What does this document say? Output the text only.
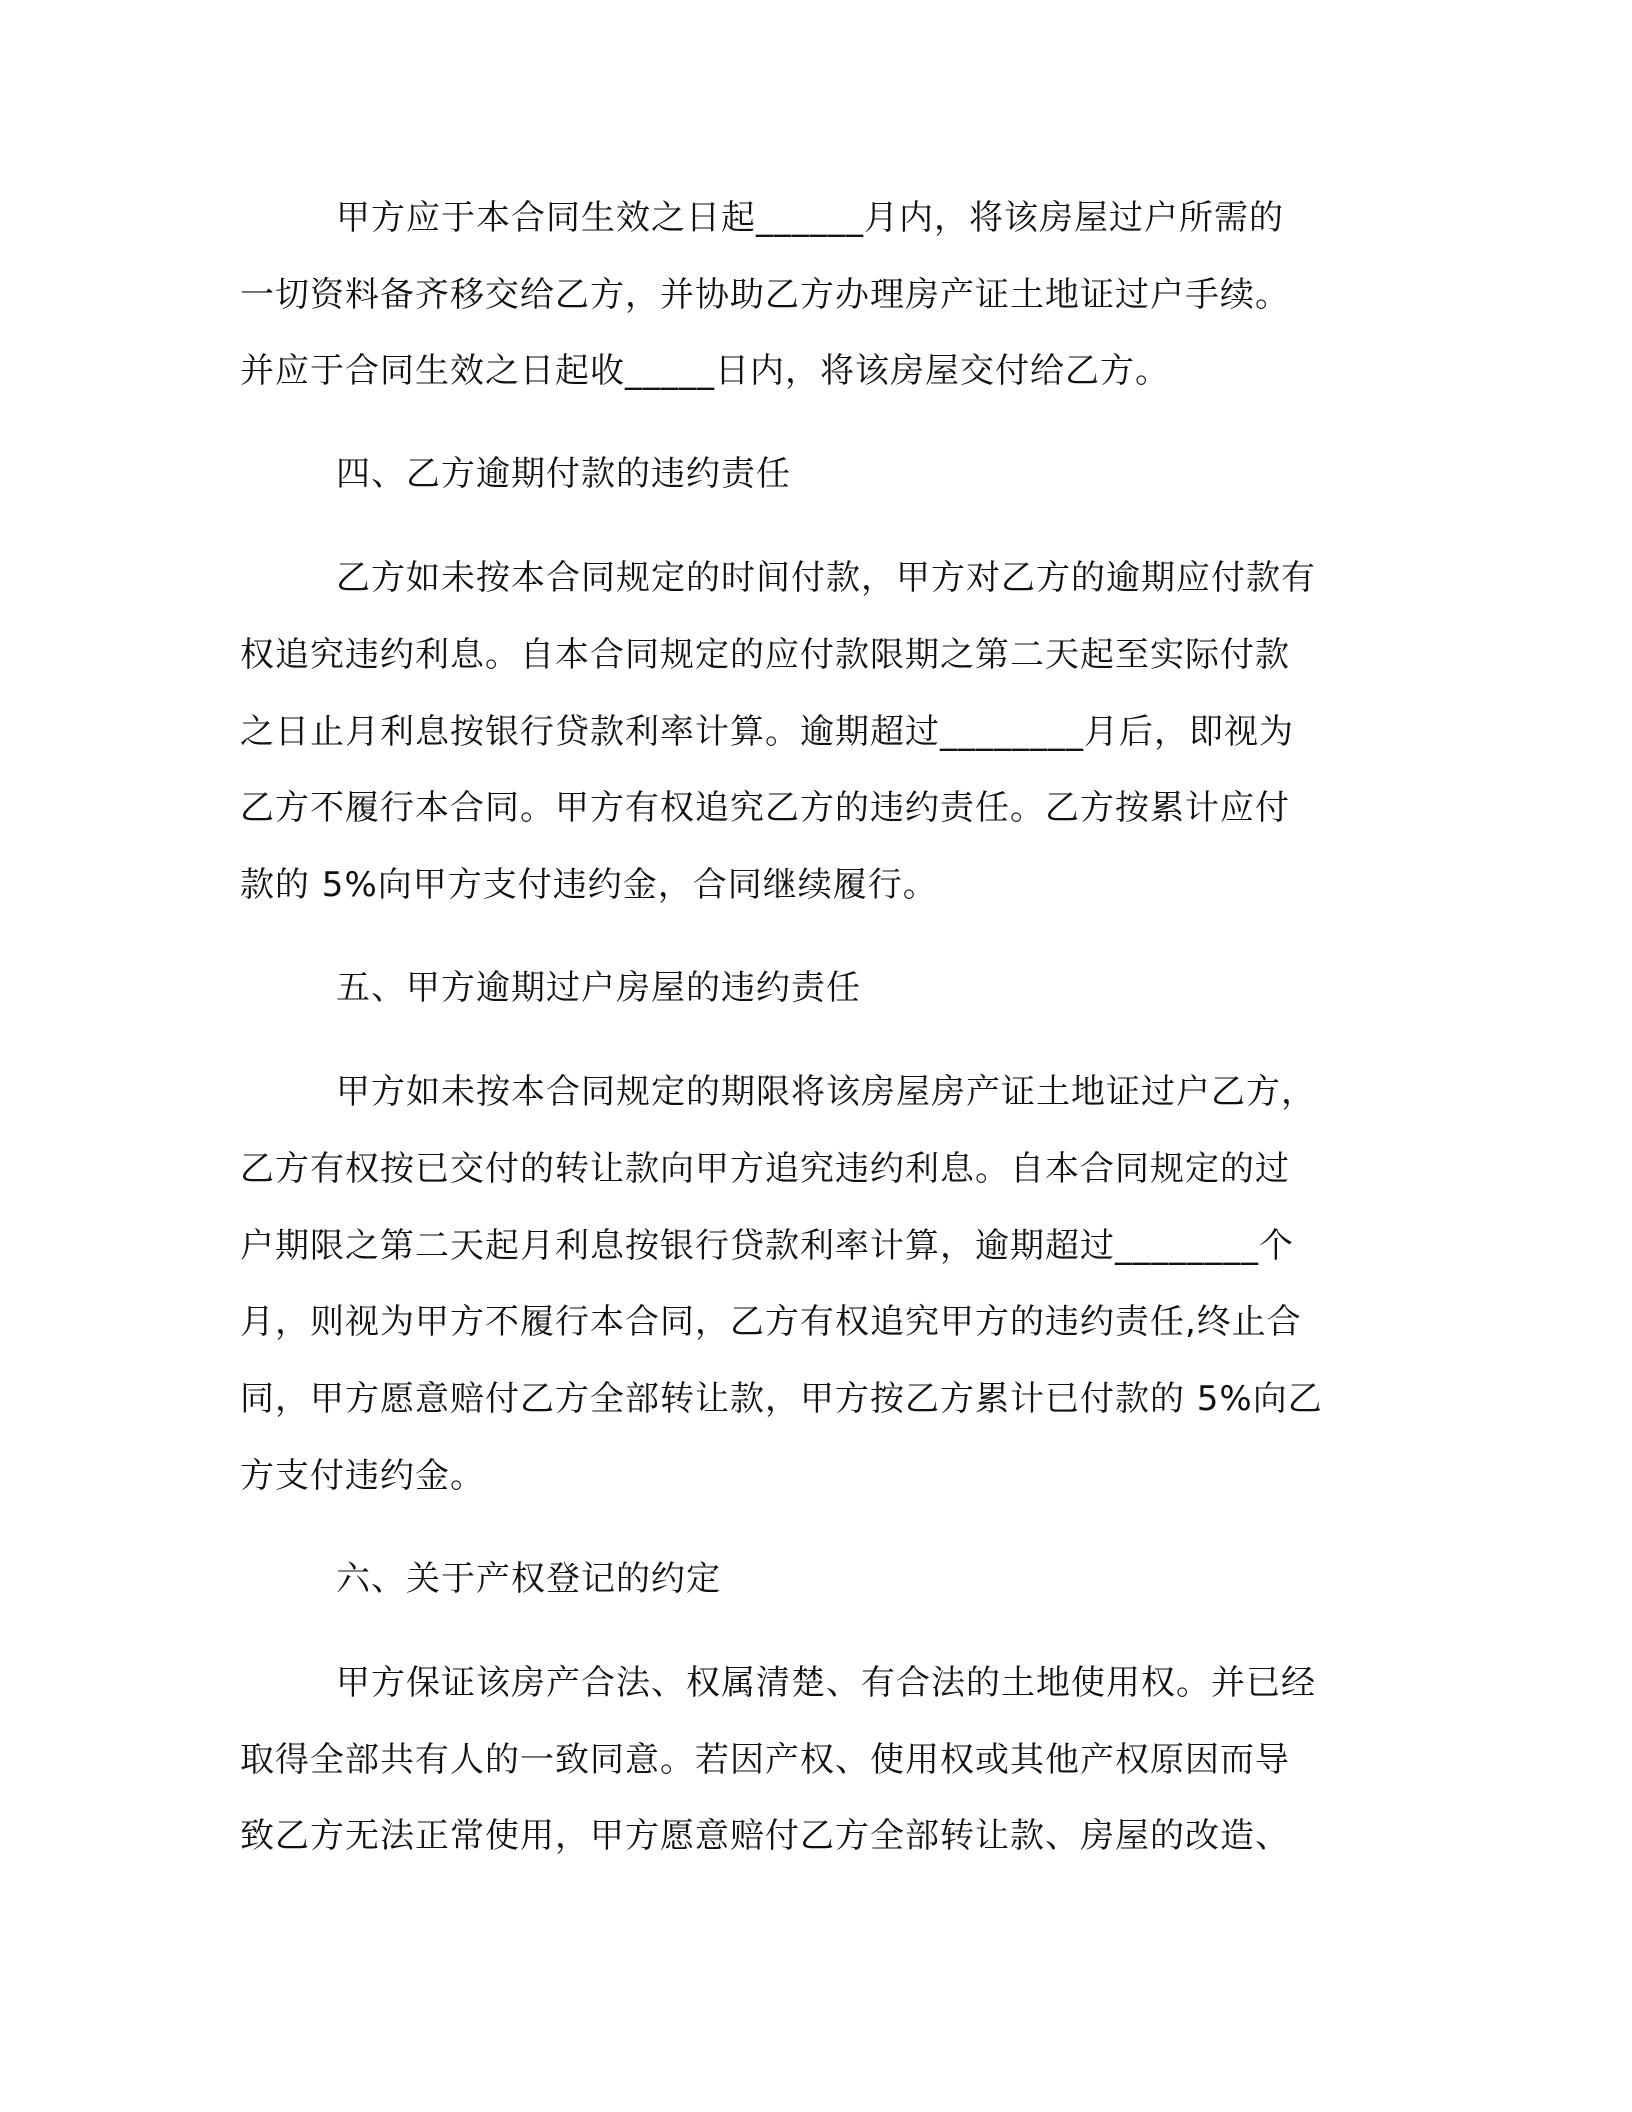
甲方应于本合同生效之日起______月内，将该房屋过户所需的

一切资料备齐移交给乙方，并协助乙方办理房产证土地证过户手续。

并应于合同生效之日起收_____日内，将该房屋交付给乙方。

四、乙方逾期付款的违约责任

乙方如未按本合同规定的时间付款，甲方对乙方的逾期应付款有

权追究违约利息。自本合同规定的应付款限期之第二天起至实际付款

之日止月利息按银行贷款利率计算。逾期超过________月后，即视为

乙方不履行本合同。甲方有权追究乙方的违约责任。乙方按累计应付

款的 5%向甲方支付违约金，合同继续履行。

五、甲方逾期过户房屋的违约责任

甲方如未按本合同规定的期限将该房屋房产证土地证过户乙方，

乙方有权按已交付的转让款向甲方追究违约利息。自本合同规定的过

户期限之第二天起月利息按银行贷款利率计算，逾期超过________个

月，则视为甲方不履行本合同，乙方有权追究甲方的违约责任,终止合

同，甲方愿意赔付乙方全部转让款，甲方按乙方累计已付款的 5%向乙

方支付违约金。

六、关于产权登记的约定

甲方保证该房产合法、权属清楚、有合法的土地使用权。并已经

取得全部共有人的一致同意。若因产权、使用权或其他产权原因而导

致乙方无法正常使用，甲方愿意赔付乙方全部转让款、房屋的改造、
